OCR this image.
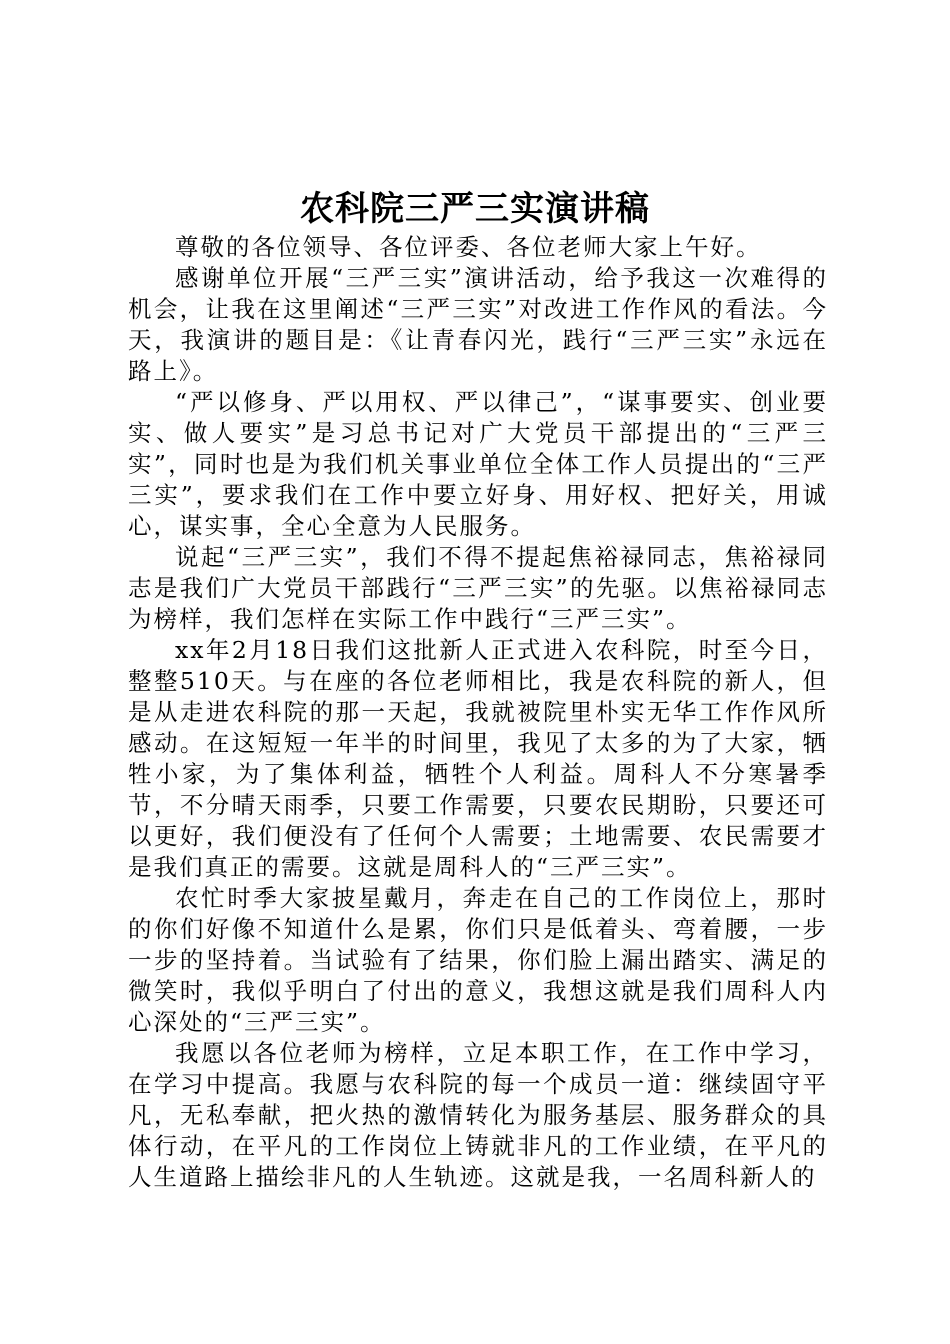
农科院三严三实演讲稿

尊敬的各位领导、各位评委、各位老师大家上午好。

感谢单位开展“三严三实”演讲活动，给予我这一次难得的机会，让我在这里阐述“三严三实”对改进工作作风的看法。今天，我演讲的题目是：《让青春闪光，践行“三严三实”永远在路上》。

“严以修身、严以用权、严以律己”，“谋事要实、创业要实、做人要实”是习总书记对广大党员干部提出的“三严三实”，同时也是为我们机关事业单位全体工作人员提出的“三严三实”，要求我们在工作中要立好身、用好权、把好关，用诚心，谋实事，全心全意为人民服务。

说起“三严三实”，我们不得不提起焦裕禄同志，焦裕禄同志是我们广大党员干部践行“三严三实”的先驱。以焦裕禄同志为榜样，我们怎样在实际工作中践行“三严三实”。

xx年2月18日我们这批新人正式进入农科院，时至今日，整整510天。与在座的各位老师相比，我是农科院的新人，但是从走进农科院的那一天起，我就被院里朴实无华工作作风所感动。在这短短一年半的时间里，我见了太多的为了大家，牺牲小家，为了集体利益，牺牲个人利益。周科人不分寒暑季节，不分晴天雨季，只要工作需要，只要农民期盼，只要还可以更好，我们便没有了任何个人需要；土地需要、农民需要才是我们真正的需要。这就是周科人的“三严三实”。

农忙时季大家披星戴月，奔走在自己的工作岗位上，那时的你们好像不知道什么是累，你们只是低着头、弯着腰，一步一步的坚持着。当试验有了结果，你们脸上漏出踏实、满足的微笑时，我似乎明白了付出的意义，我想这就是我们周科人内心深处的“三严三实”。

我愿以各位老师为榜样，立足本职工作，在工作中学习，在学习中提高。我愿与农科院的每一个成员一道：继续固守平凡，无私奉献，把火热的激情转化为服务基层、服务群众的具体行动，在平凡的工作岗位上铸就非凡的工作业绩，在平凡的人生道路上描绘非凡的人生轨迹。这就是我，一名周科新人的
